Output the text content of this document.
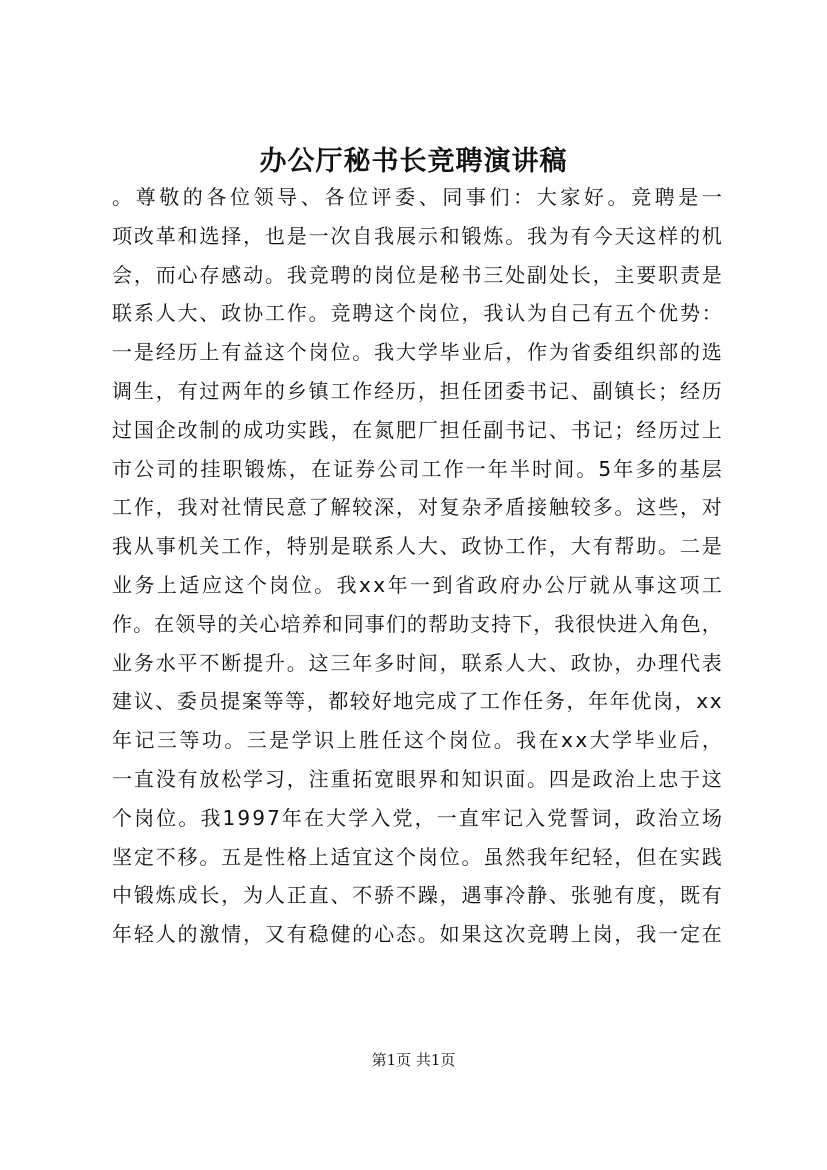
办公厅秘书长竞聘演讲稿
。 尊 敬 的 各 位 领 导 、 各 位 评 委 、 同 事 们 ： 大 家 好 。 竞 聘 是 一
项 改 革 和 选 择 ， 也 是 一 次 自 我 展 示 和 锻 炼 。 我 为 有 今 天 这 样 的 机
会 ， 而 心 存 感 动 。 我 竞 聘 的 岗 位 是 秘 书 三 处 副 处 长 ， 主 要 职 责 是
联 系 人 大 、 政 协 工 作 。 竞 聘 这 个 岗 位 ， 我 认 为 自 己 有 五 个 优 势 ：
一 是 经 历 上 有 益 这 个 岗 位 。 我 大 学 毕 业 后 ， 作 为 省 委 组 织 部 的 选
调 生 ， 有 过 两 年 的 乡 镇 工 作 经 历 ， 担 任 团 委 书 记 、 副 镇 长 ； 经 历
过 国 企 改 制 的 成 功 实 践 ， 在 氮 肥 厂 担 任 副 书 记 、 书 记 ； 经 历 过 上
市 公 司 的 挂 职 锻 炼 ， 在 证 券 公 司 工 作 一 年 半 时 间 。 5 年 多 的 基 层
工 作 ， 我 对 社 情 民 意 了 解 较 深 ， 对 复 杂 矛 盾 接 触 较 多 。 这 些 ， 对
我 从 事 机 关 工 作 ， 特 别 是 联 系 人 大 、 政 协 工 作 ， 大 有 帮 助 。 二 是
业 务 上 适 应 这 个 岗 位 。 我 x x 年 一 到 省 政 府 办 公 厅 就 从 事 这 项 工
作 。 在 领 导 的 关 心 培 养 和 同 事 们 的 帮 助 支 持 下 ， 我 很 快 进 入 角 色 ，
业 务 水 平 不 断 提 升 。 这 三 年 多 时 间 ， 联 系 人 大 、 政 协 ， 办 理 代 表
建 议 、 委 员 提 案 等 等 ， 都 较 好 地 完 成 了 工 作 任 务 ， 年 年 优 岗 ， x x
年 记 三 等 功 。 三 是 学 识 上 胜 任 这 个 岗 位 。 我 在 x x 大 学 毕 业 后 ，
一 直 没 有 放 松 学 习 ， 注 重 拓 宽 眼 界 和 知 识 面 。 四 是 政 治 上 忠 于 这
个 岗 位 。 我 1 9 9 7 年 在 大 学 入 党 ， 一 直 牢 记 入 党 誓 词 ， 政 治 立 场
坚 定 不 移 。 五 是 性 格 上 适 宜 这 个 岗 位 。 虽 然 我 年 纪 轻 ， 但 在 实 践
中 锻 炼 成 长 ， 为 人 正 直 、 不 骄 不 躁 ， 遇 事 冷 静 、 张 驰 有 度 ， 既 有
年 轻 人 的 激 情 ， 又 有 稳 健 的 心 态 。 如 果 这 次 竞 聘 上 岗 ， 我 一 定 在
第1页 共1页
